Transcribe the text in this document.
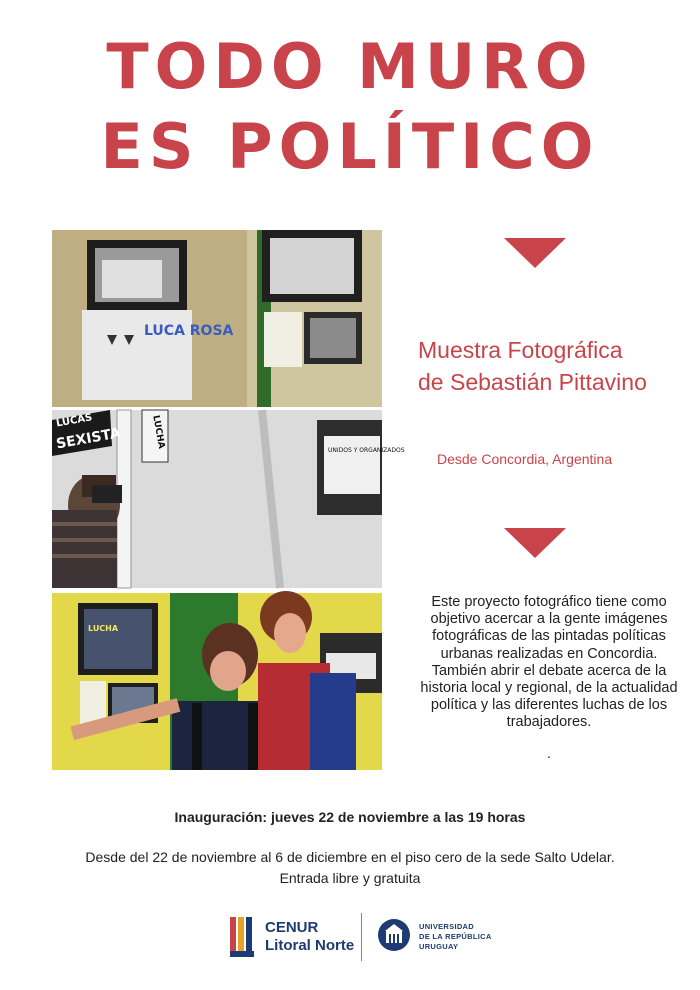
TODO MURO
ES POLÍTICO
LUCA ROSA
SEXISTA
LUCAS	LUCHA
UNIDOS Y ORGANIZADOS
LUCHA
Muestra Fotográfica
de Sebastián Pittavino
Desde Concordia, Argentina
Este proyecto fotográfico tiene como objetivo acercar a la gente imágenes fotográficas de las pintadas políticas urbanas realizadas en Concordia. También abrir el debate acerca de la historia local y regional, de la actualidad política y las diferentes luchas de los trabajadores.
.
Inauguración: jueves 22 de noviembre a las 19 horas
Desde del 22 de noviembre al 6 de diciembre en el piso cero de la sede Salto Udelar.
Entrada libre y gratuita
CENUR
Litoral Norte
UNIVERSIDAD
DE LA REPÚBLICA
URUGUAY
